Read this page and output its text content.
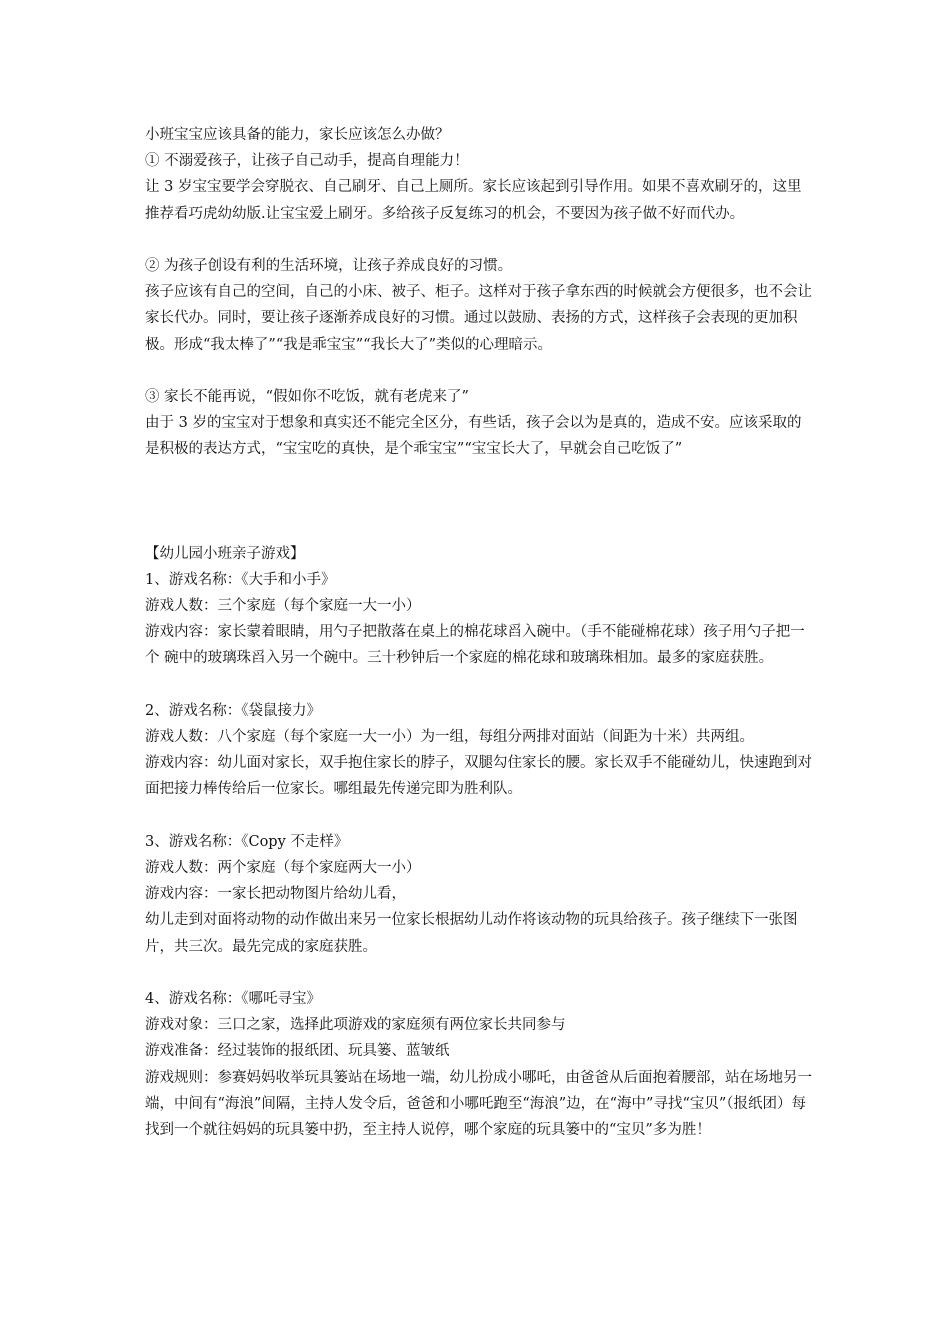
小班宝宝应该具备的能力，家长应该怎么办做？

① 不溺爱孩子，让孩子自己动手，提高自理能力！

让 3 岁宝宝要学会穿脱衣、自己刷牙、自己上厕所。家长应该起到引导作用。如果不喜欢刷牙的，这里推荐看巧虎幼幼版.让宝宝爱上刷牙。多给孩子反复练习的机会，不要因为孩子做不好而代办。

② 为孩子创设有利的生活环境，让孩子养成良好的习惯。

孩子应该有自己的空间，自己的小床、被子、柜子。这样对于孩子拿东西的时候就会方便很多，也不会让家长代办。同时，要让孩子逐渐养成良好的习惯。通过以鼓励、表扬的方式，这样孩子会表现的更加积极。形成“我太棒了”“我是乖宝宝”“我长大了”类似的心理暗示。

③ 家长不能再说，“假如你不吃饭，就有老虎来了”

由于 3 岁的宝宝对于想象和真实还不能完全区分，有些话，孩子会以为是真的，造成不安。应该采取的是积极的表达方式，“宝宝吃的真快，是个乖宝宝”“宝宝长大了，早就会自己吃饭了”

【幼儿园小班亲子游戏】

1、游戏名称：《大手和小手》

游戏人数：三个家庭（每个家庭一大一小）

游戏内容：家长蒙着眼睛，用勺子把散落在桌上的棉花球舀入碗中。（手不能碰棉花球）孩子用勺子把一个 碗中的玻璃珠舀入另一个碗中。三十秒钟后一个家庭的棉花球和玻璃珠相加。最多的家庭获胜。

2、游戏名称：《袋鼠接力》

游戏人数：八个家庭（每个家庭一大一小）为一组，每组分两排对面站（间距为十米）共两组。

游戏内容：幼儿面对家长，双手抱住家长的脖子，双腿勾住家长的腰。家长双手不能碰幼儿，快速跑到对面把接力棒传给后一位家长。哪组最先传递完即为胜利队。

3、游戏名称：《Copy 不走样》

游戏人数：两个家庭（每个家庭两大一小）

游戏内容：一家长把动物图片给幼儿看，

幼儿走到对面将动物的动作做出来另一位家长根据幼儿动作将该动物的玩具给孩子。孩子继续下一张图片，共三次。最先完成的家庭获胜。

4、游戏名称：《哪吒寻宝》

游戏对象：三口之家，选择此项游戏的家庭须有两位家长共同参与

游戏准备：经过装饰的报纸团、玩具篓、蓝皱纸

游戏规则：参赛妈妈收举玩具篓站在场地一端，幼儿扮成小哪吒，由爸爸从后面抱着腰部，站在场地另一端，中间有“海浪”间隔，主持人发令后，爸爸和小哪吒跑至“海浪”边，在“海中”寻找“宝贝”（报纸团）每找到一个就往妈妈的玩具篓中扔，至主持人说停，哪个家庭的玩具篓中的“宝贝”多为胜！
